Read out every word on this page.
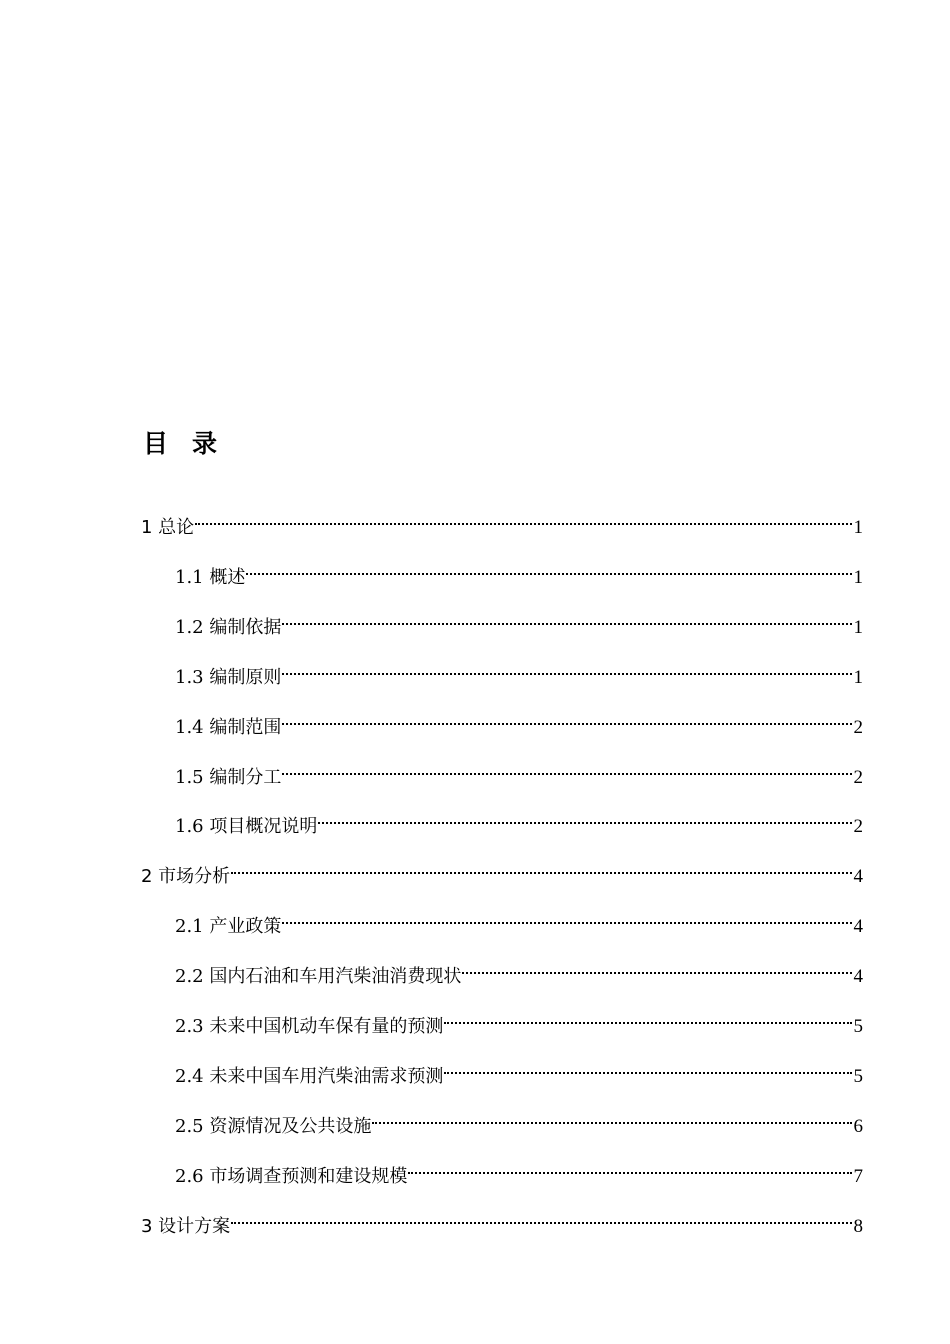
目录
1 总论	1
1.1 概述	1
1.2 编制依据	1
1.3 编制原则	1
1.4 编制范围	2
1.5 编制分工	2
1.6 项目概况说明	2
2 市场分析	4
2.1 产业政策	4
2.2 国内石油和车用汽柴油消费现状	4
2.3 未来中国机动车保有量的预测	5
2.4 未来中国车用汽柴油需求预测	5
2.5 资源情况及公共设施	6
2.6 市场调查预测和建设规模	7
3 设计方案	8
